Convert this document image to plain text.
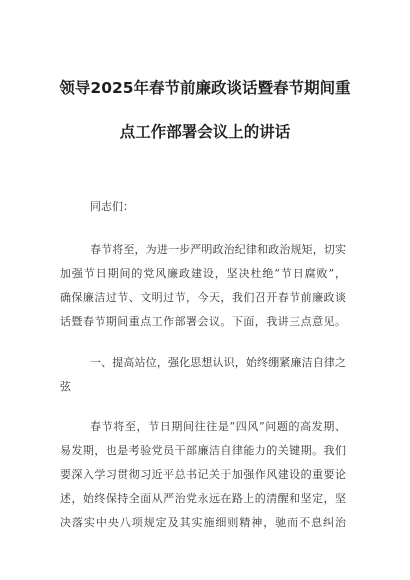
领导2025年春节前廉政谈话暨春节期间重
点工作部署会议上的讲话
同志们：
春节将至，为进一步严明政治纪律和政治规矩，切实
加强节日期间的党风廉政建设，坚决杜绝“节日腐败”，
确保廉洁过节、文明过节，今天，我们召开春节前廉政谈
话暨春节期间重点工作部署会议。下面，我讲三点意见。
一、提高站位，强化思想认识，始终绷紧廉洁自律之
弦
春节将至，节日期间往往是“四风”问题的高发期、
易发期，也是考验党员干部廉洁自律能力的关键期。我们
要深入学习贯彻习近平总书记关于加强作风建设的重要论
述，始终保持全面从严治党永远在路上的清醒和坚定，坚
决落实中央八项规定及其实施细则精神，驰而不息纠治
